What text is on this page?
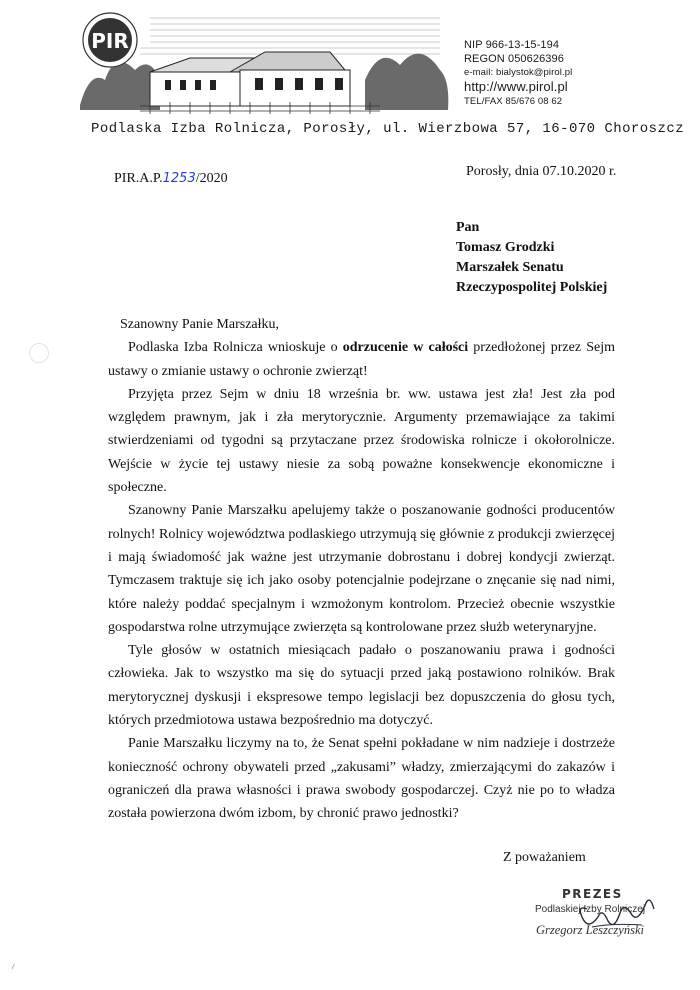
PIR	NIP 966-13-15-194
REGON 050626396
e-mail: bialystok@pirol.pl
http://www.pirol.pl
TEL/FAX 85/676 08 62
Podlaska Izba Rolnicza, Porosły, ul. Wierzbowa 57, 16-070 Choroszcz
Porosły, dnia 07.10.2020 r.
PIR.A.P.1253/2020
Pan
Tomasz Grodzki
Marszałek Senatu
Rzeczypospolitej Polskiej

Szanowny Panie Marszałku,

Podlaska Izba Rolnicza wnioskuje o odrzucenie w całości przedłożonej przez Sejm ustawy o zmianie ustawy o ochronie zwierząt!

Przyjęta przez Sejm w dniu 18 września br. ww. ustawa jest zła! Jest zła pod względem prawnym, jak i zła merytorycznie. Argumenty przemawiające za takimi stwierdzeniami od tygodni są przytaczane przez środowiska rolnicze i okołorolnicze. Wejście w życie tej ustawy niesie za sobą poważne konsekwencje ekonomiczne i społeczne.

Szanowny Panie Marszałku apelujemy także o poszanowanie godności producentów rolnych! Rolnicy województwa podlaskiego utrzymują się głównie z produkcji zwierzęcej i mają świadomość jak ważne jest utrzymanie dobrostanu i dobrej kondycji zwierząt. Tymczasem traktuje się ich jako osoby potencjalnie podejrzane o znęcanie się nad nimi, które należy poddać specjalnym i wzmożonym kontrolom. Przecież obecnie wszystkie gospodarstwa rolne utrzymujące zwierzęta są kontrolowane przez służb weterynaryjne.

Tyle głosów w ostatnich miesiącach padało o poszanowaniu prawa i godności człowieka. Jak to wszystko ma się do sytuacji przed jaką postawiono rolników. Brak merytorycznej dyskusji i ekspresowe tempo legislacji bez dopuszczenia do głosu tych, których przedmiotowa ustawa bezpośrednio ma dotyczyć.

Panie Marszałku liczymy na to, że Senat spełni pokładane w nim nadzieje i dostrzeże konieczność ochrony obywateli przed „zakusami” władzy, zmierzającymi do zakazów i ograniczeń dla prawa własności i prawa swobody gospodarczej. Czyż nie po to władza została powierzona dwóm izbom, by chronić prawo jednostki?

Z poważaniem
PREZES
Podlaskiej Izby Rolniczej
Grzegorz Leszczyński
~
